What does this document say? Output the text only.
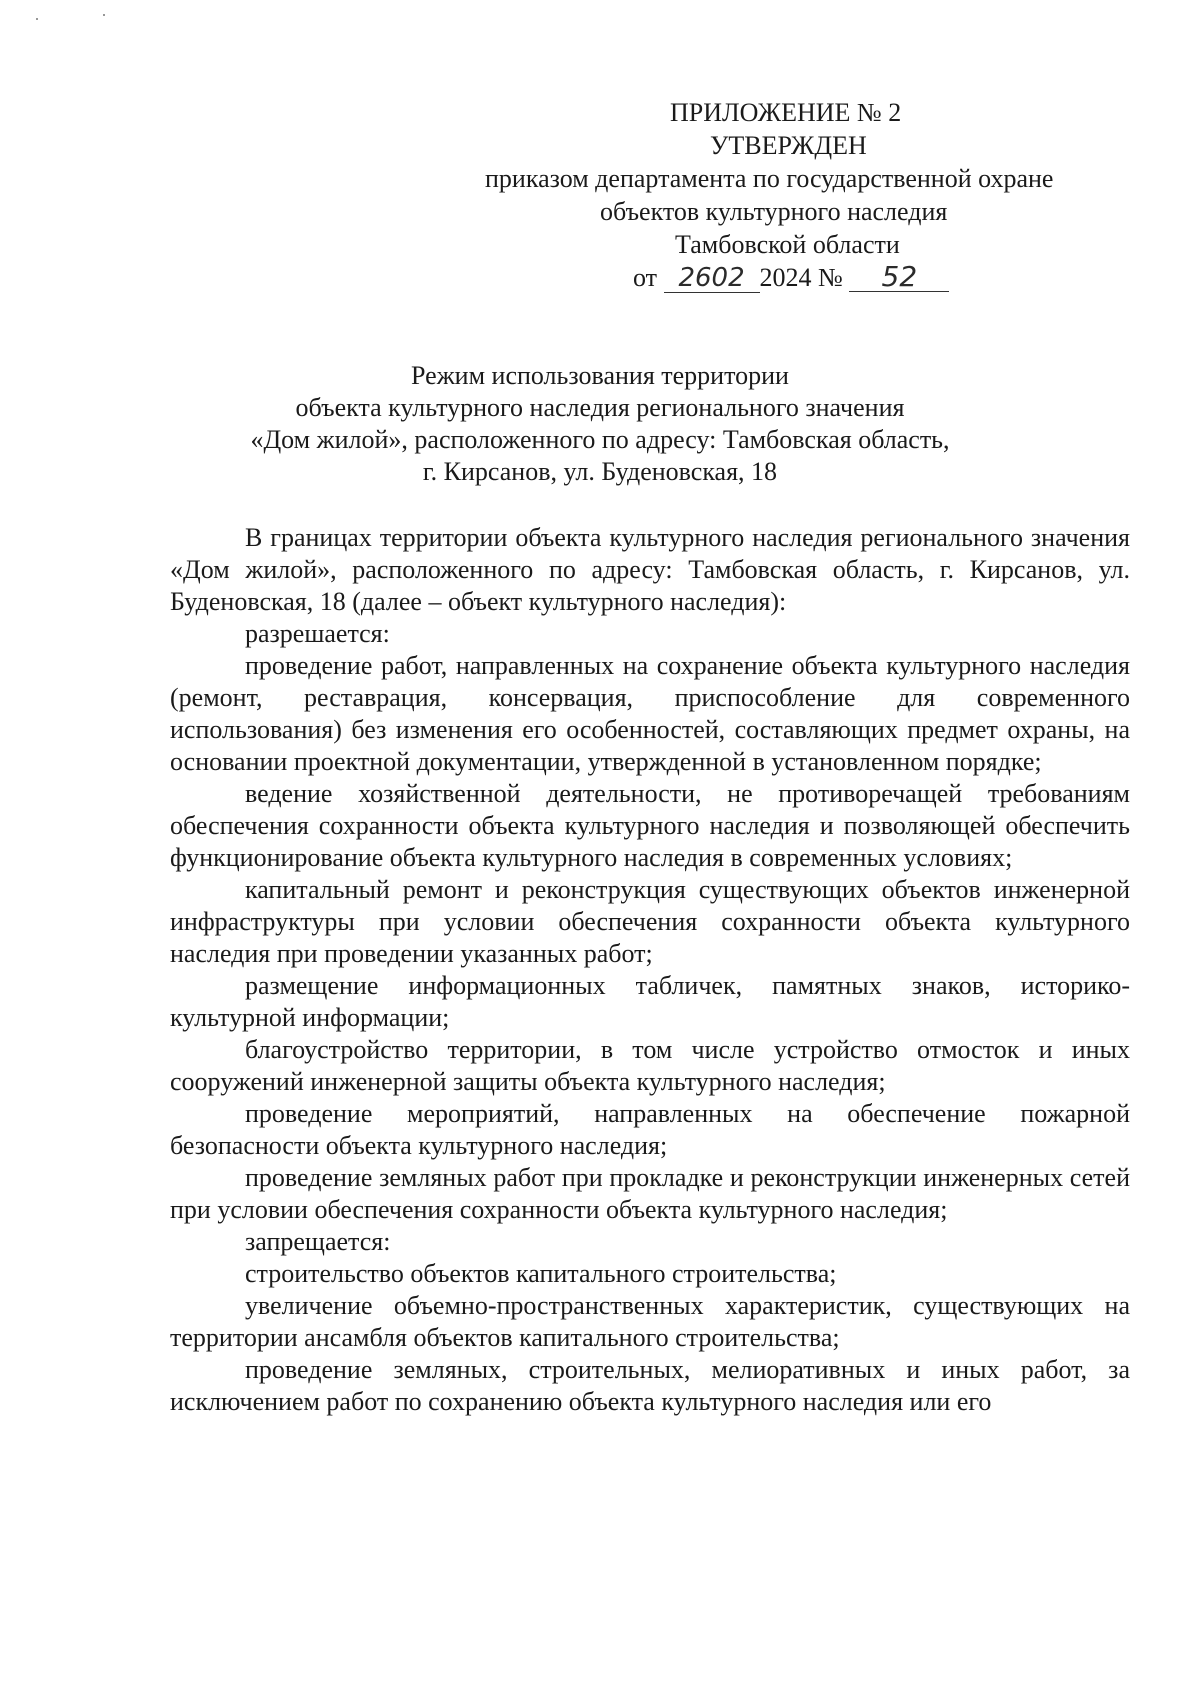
ПРИЛОЖЕНИЕ № 2
УТВЕРЖДЕН
приказом департамента по государственной охране
объектов культурного наследия
Тамбовской области
от 2602 2024 № 52
Режим использования территории
объекта культурного наследия регионального значения
«Дом жилой», расположенного по адресу: Тамбовская область,
г. Кирсанов, ул. Буденовская, 18

В границах территории объекта культурного наследия регионального значения «Дом жилой», расположенного по адресу: Тамбовская область, г. Кирсанов, ул. Буденовская, 18 (далее – объект культурного наследия):

разрешается:

проведение работ, направленных на сохранение объекта культурного наследия (ремонт, реставрация, консервация, приспособление для современного использования) без изменения его особенностей, составляющих предмет охраны, на основании проектной документации, утвержденной в установленном порядке;

ведение хозяйственной деятельности, не противоречащей требованиям обеспечения сохранности объекта культурного наследия и позволяющей обеспечить функционирование объекта культурного наследия в современных условиях;

капитальный ремонт и реконструкция существующих объектов инженерной инфраструктуры при условии обеспечения сохранности объекта культурного наследия при проведении указанных работ;

размещение информационных табличек, памятных знаков, историко-культурной информации;

благоустройство территории, в том числе устройство отмосток и иных сооружений инженерной защиты объекта культурного наследия;

проведение мероприятий, направленных на обеспечение пожарной безопасности объекта культурного наследия;

проведение земляных работ при прокладке и реконструкции инженерных сетей при условии обеспечения сохранности объекта культурного наследия;

запрещается:

строительство объектов капитального строительства;

увеличение объемно-пространственных характеристик, существующих на территории ансамбля объектов капитального строительства;

проведение земляных, строительных, мелиоративных и иных работ, за исключением работ по сохранению объекта культурного наследия или его
